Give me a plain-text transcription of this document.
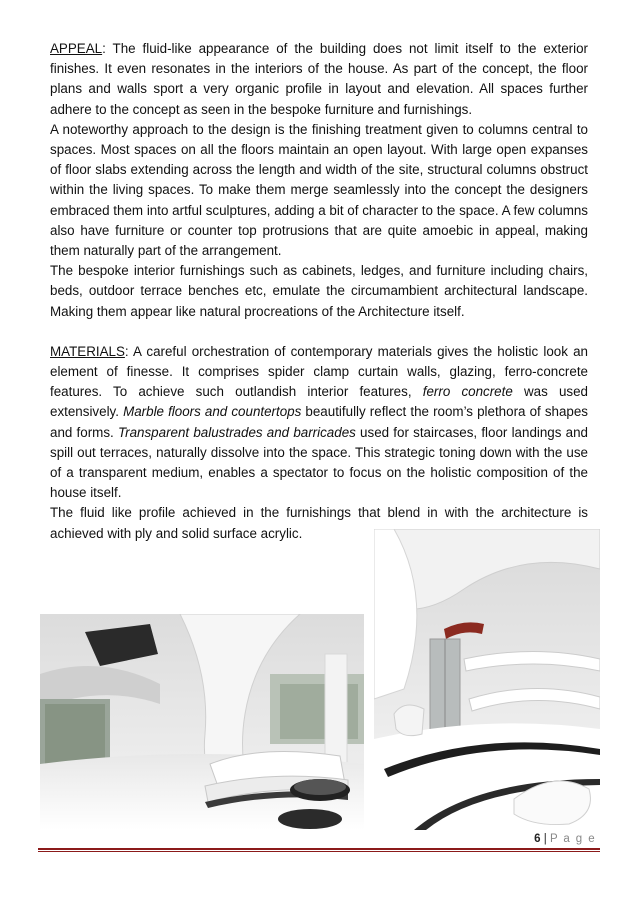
APPEAL: The fluid-like appearance of the building does not limit itself to the exterior finishes. It even resonates in the interiors of the house. As part of the concept, the floor plans and walls sport a very organic profile in layout and elevation. All spaces further adhere to the concept as seen in the bespoke furniture and furnishings.

A noteworthy approach to the design is the finishing treatment given to columns central to spaces. Most spaces on all the floors maintain an open layout. With large open expanses of floor slabs extending across the length and width of the site, structural columns obstruct within the living spaces. To make them merge seamlessly into the concept the designers embraced them into artful sculptures, adding a bit of character to the space. A few columns also have furniture or counter top protrusions that are quite amoebic in appeal, making them naturally part of the arrangement.

The bespoke interior furnishings such as cabinets, ledges, and furniture including chairs, beds, outdoor terrace benches etc, emulate the circumambient architectural landscape. Making them appear like natural procreations of the Architecture itself.

MATERIALS: A careful orchestration of contemporary materials gives the holistic look an element of finesse. It comprises spider clamp curtain walls, glazing, ferro-concrete features. To achieve such outlandish interior features, ferro concrete was used extensively. Marble floors and countertops beautifully reflect the room’s plethora of shapes and forms. Transparent balustrades and barricades used for staircases, floor landings and spill out terraces, naturally dissolve into the space. This strategic toning down with the use of a transparent medium, enables a spectator to focus on the holistic composition of the house itself.

The fluid like profile achieved in the furnishings that blend in with the architecture is achieved with ply and solid surface acrylic.

6 | P a g e
